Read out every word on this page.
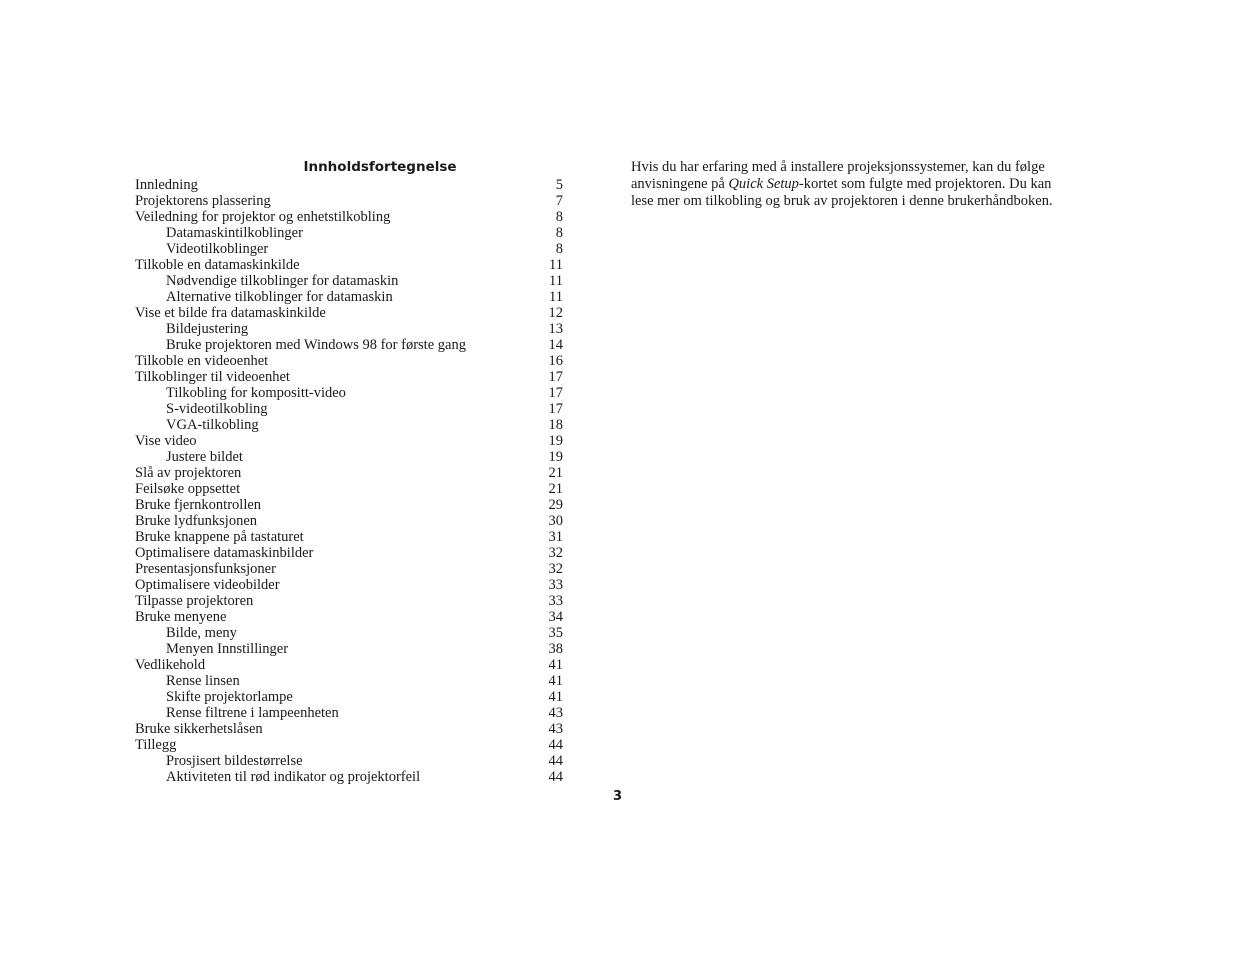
Innholdsfortegnelse
Innledning	5
Projektorens plassering	7
Veiledning for projektor og enhetstilkobling	8
Datamaskintilkoblinger	8
Videotilkoblinger	8
Tilkoble en datamaskinkilde	11
Nødvendige tilkoblinger for datamaskin	11
Alternative tilkoblinger for datamaskin	11
Vise et bilde fra datamaskinkilde	12
Bildejustering	13
Bruke projektoren med Windows 98 for første gang	14
Tilkoble en videoenhet	16
Tilkoblinger til videoenhet	17
Tilkobling for kompositt-video	17
S-videotilkobling	17
VGA-tilkobling	18
Vise video	19
Justere bildet	19
Slå av projektoren	21
Feilsøke oppsettet	21
Bruke fjernkontrollen	29
Bruke lydfunksjonen	30
Bruke knappene på tastaturet	31
Optimalisere datamaskinbilder	32
Presentasjonsfunksjoner	32
Optimalisere videobilder	33
Tilpasse projektoren	33
Bruke menyene	34
Bilde, meny	35
Menyen Innstillinger	38
Vedlikehold	41
Rense linsen	41
Skifte projektorlampe	41
Rense filtrene i lampeenheten	43
Bruke sikkerhetslåsen	43
Tillegg	44
Prosjisert bildestørrelse	44
Aktiviteten til rød indikator og projektorfeil	44

Hvis du har erfaring med å installere projeksjonssystemer, kan du følge
anvisningene på Quick Setup-kortet som fulgte med projektoren. Du kan
lese mer om tilkobling og bruk av projektoren i denne brukerhåndboken.

3
